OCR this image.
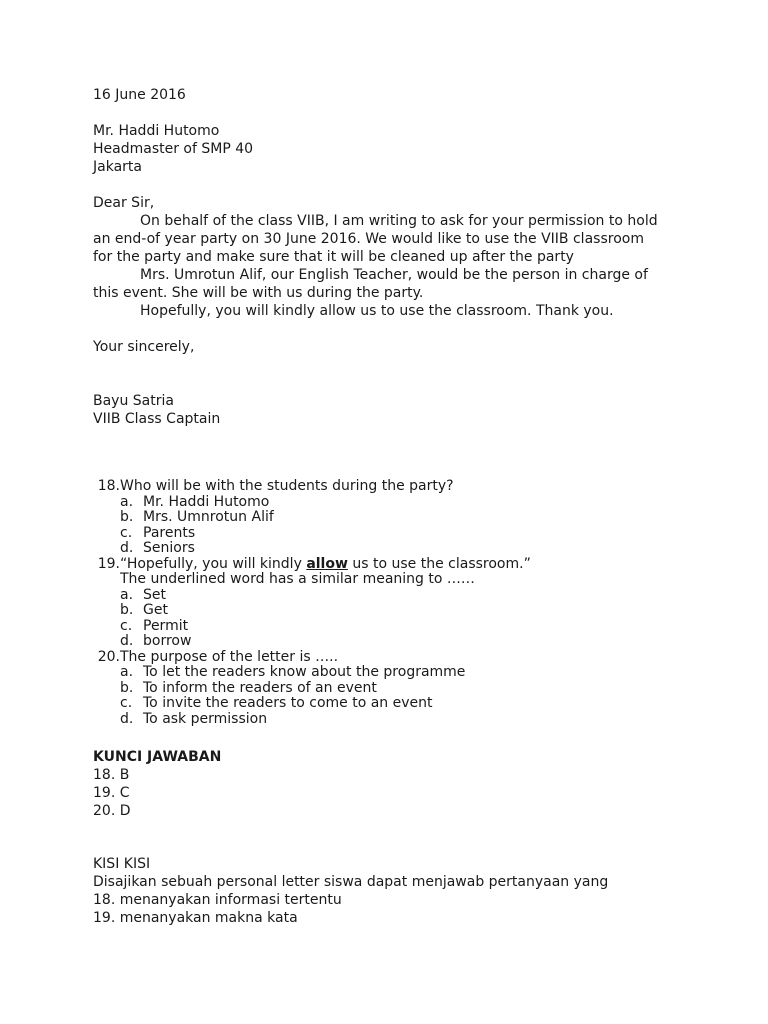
16 June 2016

Mr. Haddi Hutomo

Headmaster of SMP 40

Jakarta

Dear Sir,

On behalf of the class VIIB, I am writing to ask for your permission to hold

an end-of year party on 30 June 2016. We would like to use the VIIB classroom

for the party and make sure that it will be cleaned up after the party

Mrs. Umrotun Alif, our English Teacher, would be the person in charge of

this event. She will be with us during the party.

Hopefully, you will kindly allow us to use the classroom. Thank you.

Your sincerely,

Bayu Satria

VIIB Class Captain

18.Who will be with the students during the party?

a. Mr. Haddi Hutomo

b. Mrs. Umnrotun Alif

c. Parents

d. Seniors

19.“Hopefully, you will kindly allow us to use the classroom.”

The underlined word has a similar meaning to ……

a. Set

b. Get

c. Permit

d. borrow

20.The purpose of the letter is …..

a. To let the readers know about the programme

b. To inform the readers of an event

c. To invite the readers to come to an event

d. To ask permission

KUNCI JAWABAN

18. B

19. C

20. D

KISI KISI

Disajikan sebuah personal letter siswa dapat menjawab pertanyaan yang

18. menanyakan informasi tertentu

19. menanyakan makna kata
